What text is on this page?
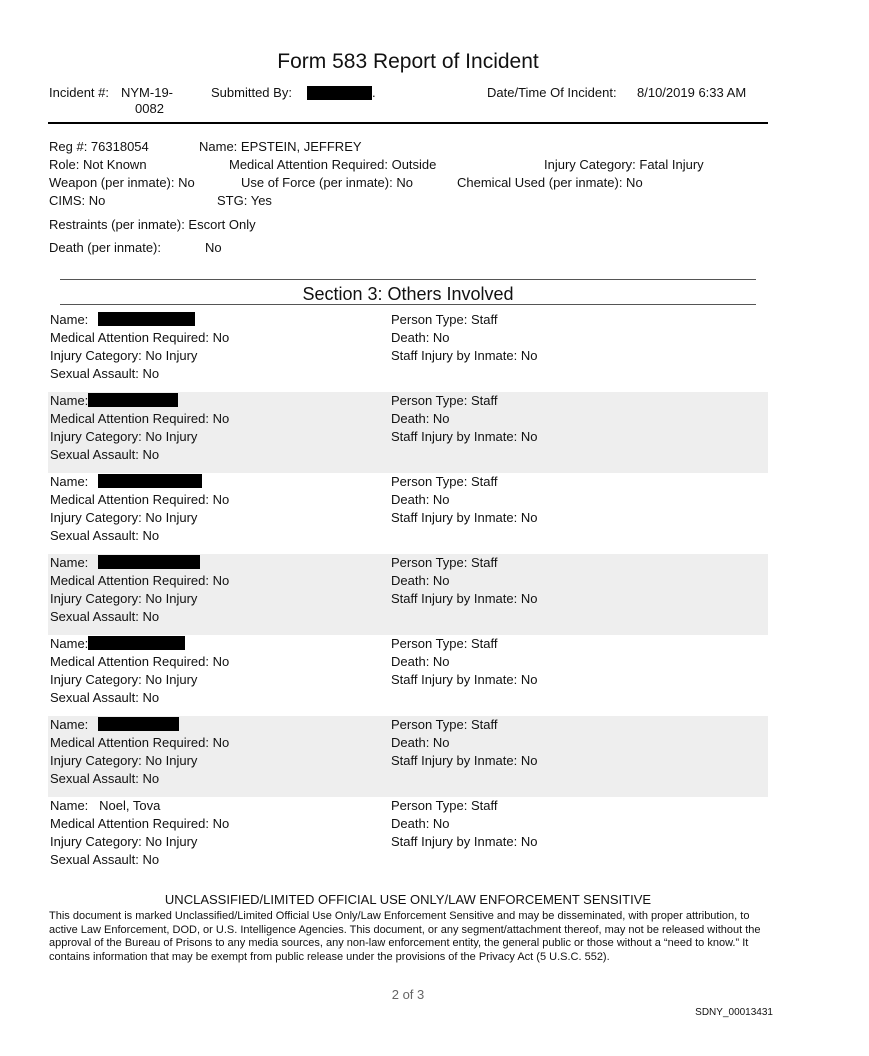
Form 583 Report of Incident
Incident #: NYM-19-
0082
Submitted By:	.	Date/Time Of Incident: 8/10/2019 6:33 AM
Reg #: 76318054	Name: EPSTEIN, JEFFREY
Role: Not Known	Medical Attention Required: Outside	Injury Category: Fatal Injury
Weapon (per inmate): No	Use of Force (per inmate): No	Chemical Used (per inmate): No
CIMS: No	STG: Yes
Restraints (per inmate): Escort Only
Death (per inmate):	No
Section 3: Others Involved
Name:
Medical Attention Required: No
Injury Category: No Injury
Sexual Assault: No
Person Type: Staff
Death: No
Staff Injury by Inmate: No
Name:
Medical Attention Required: No
Injury Category: No Injury
Sexual Assault: No
Person Type: Staff
Death: No
Staff Injury by Inmate: No
Name:
Medical Attention Required: No
Injury Category: No Injury
Sexual Assault: No
Person Type: Staff
Death: No
Staff Injury by Inmate: No
Name:
Medical Attention Required: No
Injury Category: No Injury
Sexual Assault: No
Person Type: Staff
Death: No
Staff Injury by Inmate: No
Name:
Medical Attention Required: No
Injury Category: No Injury
Sexual Assault: No
Person Type: Staff
Death: No
Staff Injury by Inmate: No
Name:
Medical Attention Required: No
Injury Category: No Injury
Sexual Assault: No
Person Type: Staff
Death: No
Staff Injury by Inmate: No
Name: Noel, Tova
Medical Attention Required: No
Injury Category: No Injury
Sexual Assault: No
Person Type: Staff
Death: No
Staff Injury by Inmate: No
UNCLASSIFIED/LIMITED OFFICIAL USE ONLY/LAW ENFORCEMENT SENSITIVE
This document is marked Unclassified/Limited Official Use Only/Law Enforcement Sensitive and may be disseminated, with proper attribution, to active Law Enforcement, DOD, or U.S. Intelligence Agencies. This document, or any segment/attachment thereof, may not be released without the approval of the Bureau of Prisons to any media sources, any non-law enforcement entity, the general public or those without a “need to know.” It contains information that may be exempt from public release under the provisions of the Privacy Act (5 U.S.C. 552).
2 of 3
SDNY_00013431
